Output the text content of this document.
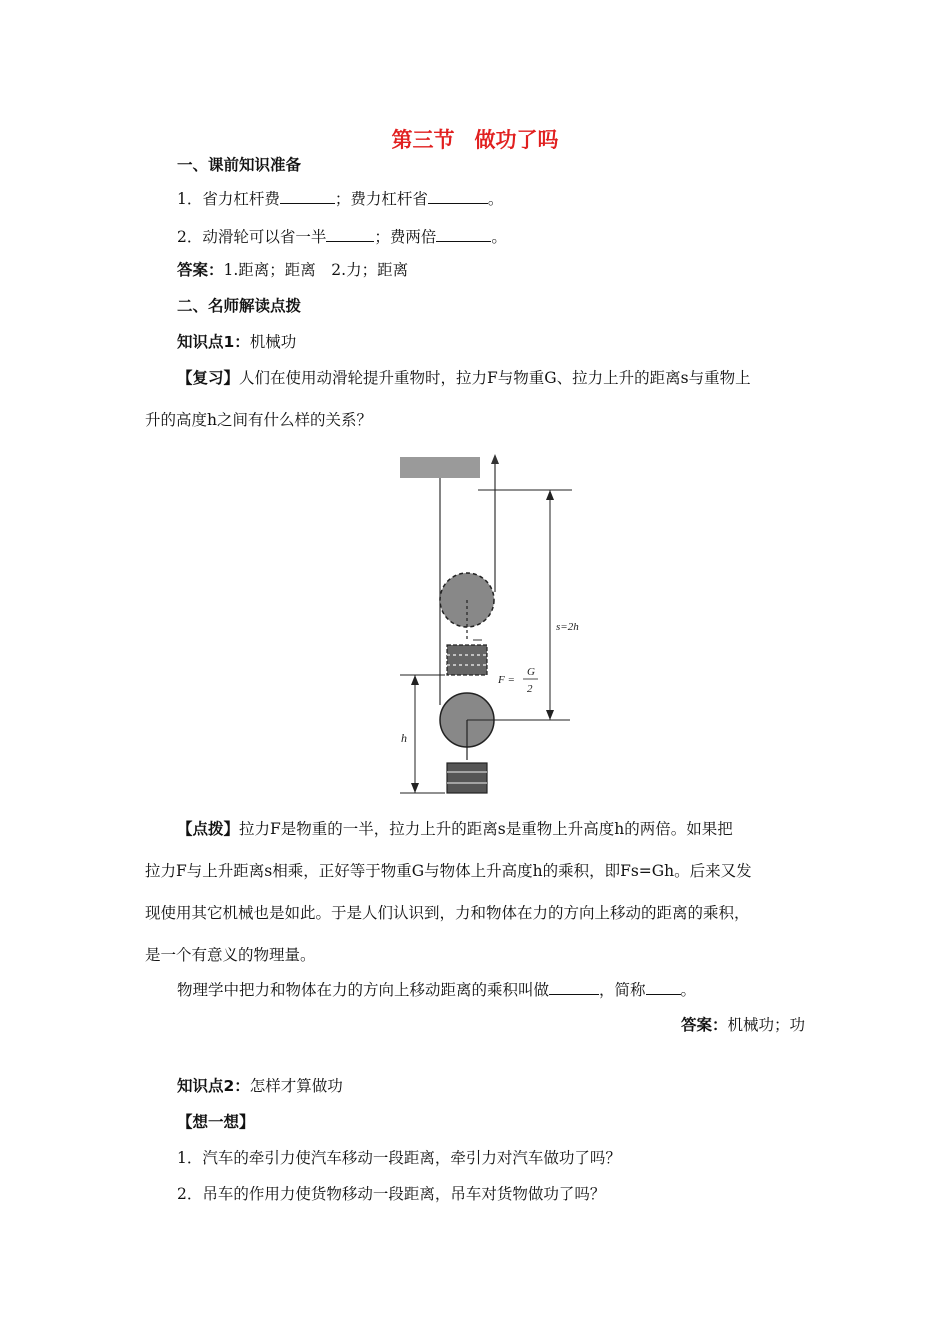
第三节 做功了吗
一、课前知识准备
1．省力杠杆费	；费力杠杆省	。
2．动滑轮可以省一半	；费两倍	。
答案：1.距离；距离　2.力；距离
二、名师解读点拨
知识点1：机械功
【复习】人们在使用动滑轮提升重物时，拉力F与物重G、拉力上升的距离s与重物上
升的高度h之间有什么样的关系？
s=2h
h
F =
G
2
【点拨】拉力F是物重的一半，拉力上升的距离s是重物上升高度h的两倍。如果把
拉力F与上升距离s相乘，正好等于物重G与物体上升高度h的乘积，即Fs=Gh。后来又发
现使用其它机械也是如此。于是人们认识到，力和物体在力的方向上移动的距离的乘积，
是一个有意义的物理量。
物理学中把力和物体在力的方向上移动距离的乘积叫做	，简称 。
答案：机械功；功
知识点2：怎样才算做功
【想一想】
1．汽车的牵引力使汽车移动一段距离，牵引力对汽车做功了吗？
2．吊车的作用力使货物移动一段距离，吊车对货物做功了吗？
